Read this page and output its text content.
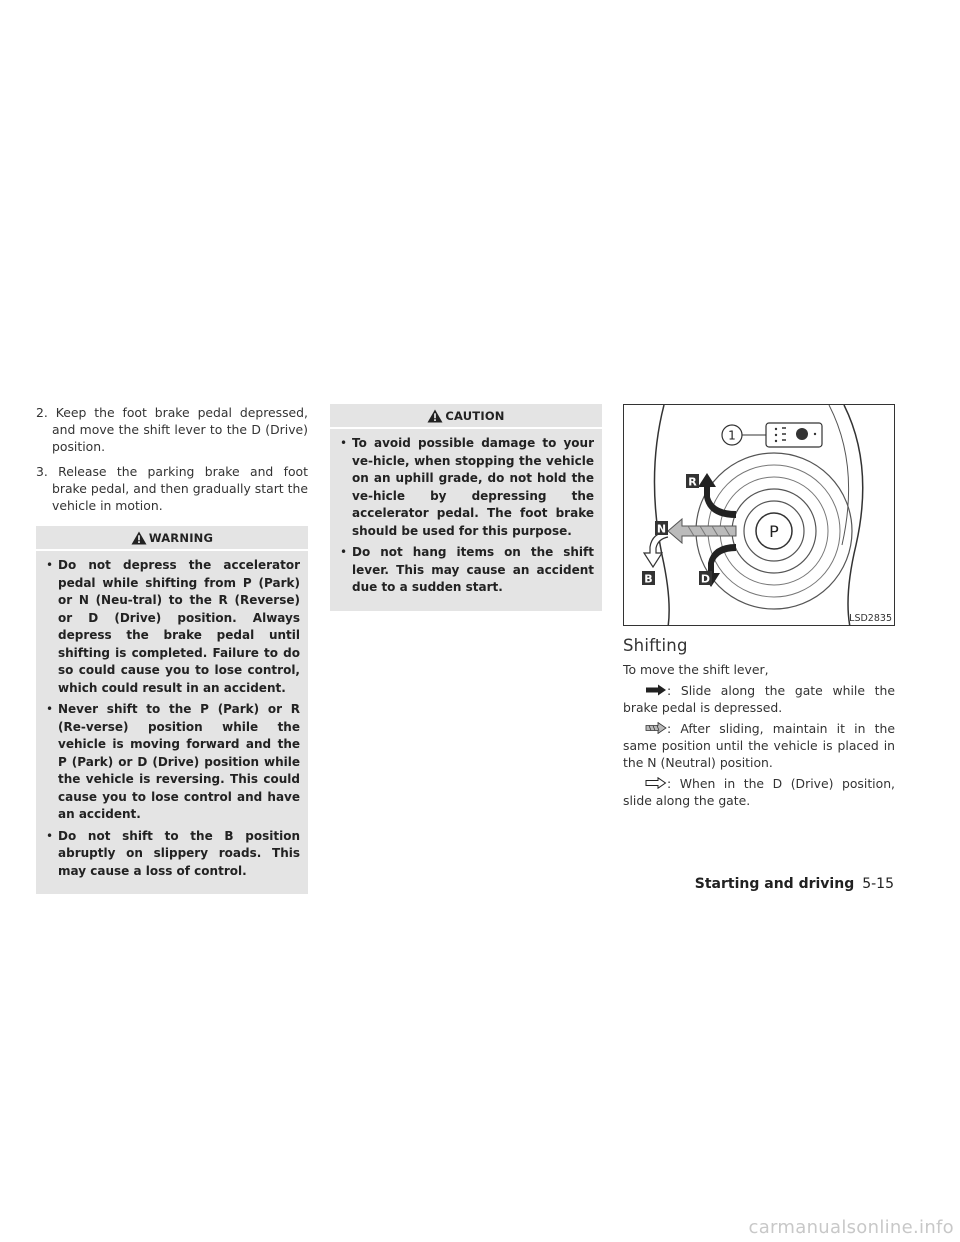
2. Keep the foot brake pedal depressed, and move the shift lever to the D (Drive) position.

3. Release the parking brake and foot brake pedal, and then gradually start the vehicle in motion.

WARNING
• Do not depress the accelerator pedal while shifting from P (Park) or N (Neu-tral) to the R (Reverse) or D (Drive) position. Always depress the brake pedal until shifting is completed. Failure to do so could cause you to lose control, which could result in an accident.
• Never shift to the P (Park) or R (Re-verse) position while the vehicle is moving forward and the P (Park) or D (Drive) position while the vehicle is reversing. This could cause you to lose control and have an accident.
• Do not shift to the B position abruptly on slippery roads. This may cause a loss of control.
CAUTION
• To avoid possible damage to your ve-hicle, when stopping the vehicle on an uphill grade, do not hold the ve-hicle by depressing the accelerator pedal. The foot brake should be used for this purpose.
• Do not hang items on the shift lever. This may cause an accident due to a sudden start.
1
P
R
N
B	D
LSD2835
Shifting

To move the shift lever,

: Slide along the gate while the brake pedal is depressed.

: After sliding, maintain it in the same position until the vehicle is placed in the N (Neutral) position.

: When in the D (Drive) position, slide along the gate.

Starting and driving 5-15
carmanualsonline.info
